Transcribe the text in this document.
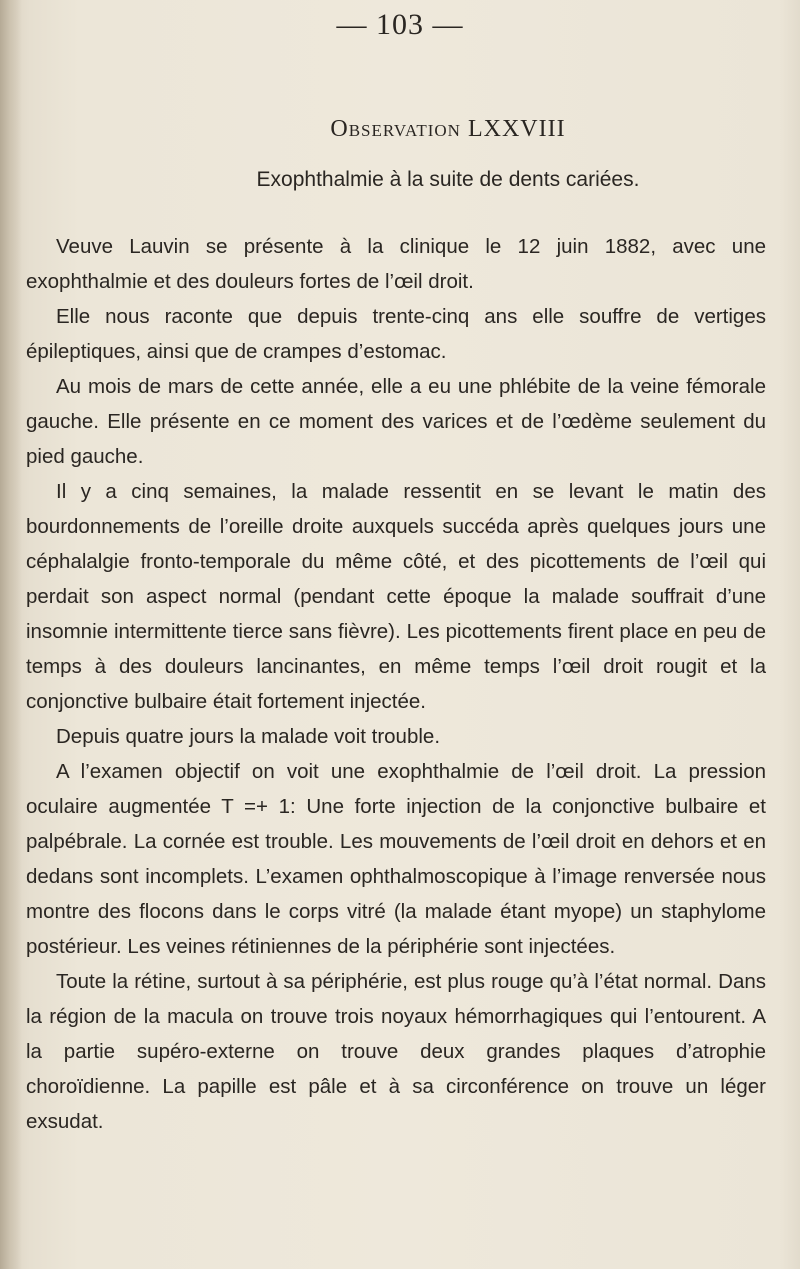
— 103 —
Observation LXXVIII
Exophthalmie à la suite de dents cariées.

Veuve Lauvin se présente à la clinique le 12 juin 1882, avec une exophthalmie et des douleurs fortes de l’œil droit.

Elle nous raconte que depuis trente-cinq ans elle souffre de vertiges épileptiques, ainsi que de crampes d’estomac.

Au mois de mars de cette année, elle a eu une phlébite de la veine fémorale gauche. Elle présente en ce moment des varices et de l’œdème seulement du pied gauche.

Il y a cinq semaines, la malade ressentit en se levant le matin des bourdonnements de l’oreille droite auxquels succéda après quelques jours une céphalalgie fronto-temporale du même côté, et des picottements de l’œil qui perdait son aspect normal (pendant cette époque la malade souffrait d’une insomnie intermittente tierce sans fièvre). Les picottements firent place en peu de temps à des douleurs lancinantes, en même temps l’œil droit rougit et la conjonctive bulbaire était fortement injectée.

Depuis quatre jours la malade voit trouble.

A l’examen objectif on voit une exophthalmie de l’œil droit. La pression oculaire augmentée T =+ 1: Une forte injection de la conjonctive bulbaire et palpébrale. La cornée est trouble. Les mouvements de l’œil droit en dehors et en dedans sont incomplets. L’examen ophthalmoscopique à l’image renversée nous montre des flocons dans le corps vitré (la malade étant myope) un staphylome postérieur. Les veines rétiniennes de la périphérie sont injectées.

Toute la rétine, surtout à sa périphérie, est plus rouge qu’à l’état normal. Dans la région de la macula on trouve trois noyaux hémorrhagiques qui l’entourent. A la partie supéro-externe on trouve deux grandes plaques d’atrophie choroïdienne. La papille est pâle et à sa circonférence on trouve un léger exsudat.
